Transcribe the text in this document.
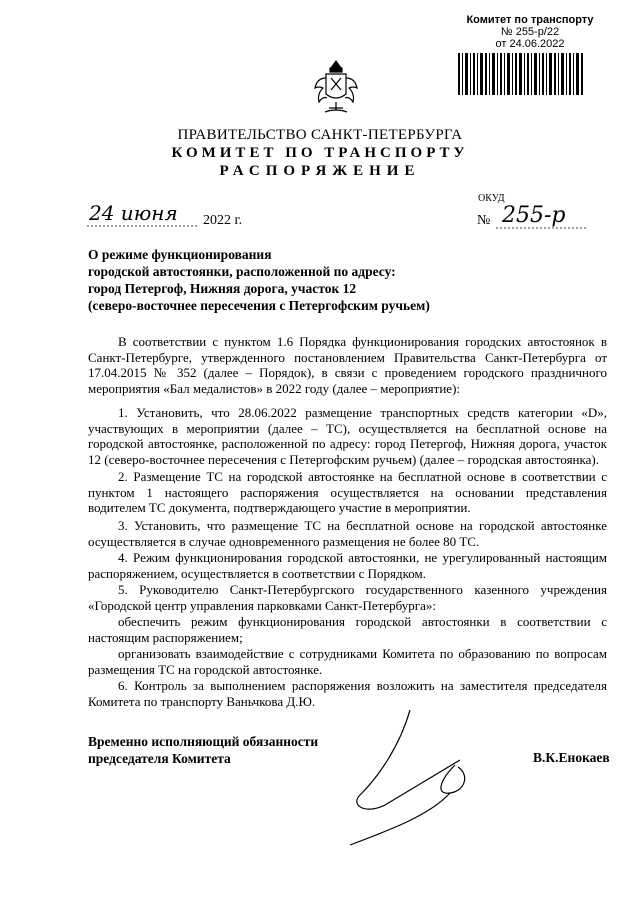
Комитет по транспорту
№ 255-р/22
от 24.06.2022
ПРАВИТЕЛЬСТВО САНКТ-ПЕТЕРБУРГА
КОМИТЕТ ПО ТРАНСПОРТУ
РАСПОРЯЖЕНИЕ
ОКУД
24 июня 2022 г.	№ 255-р
О режиме функционирования
городской автостоянки, расположенной по адресу:
город Петергоф, Нижняя дорога, участок 12
(северо-восточнее пересечения с Петергофским ручьем)
В соответствии с пунктом 1.6 Порядка функционирования городских автостоянок в Санкт-Петербурге, утвержденного постановлением Правительства Санкт-Петербурга от 17.04.2015 № 352 (далее – Порядок), в связи с проведением городского праздничного мероприятия «Бал медалистов» в 2022 году (далее – мероприятие):
1. Установить, что 28.06.2022 размещение транспортных средств категории «D», участвующих в мероприятии (далее – ТС), осуществляется на бесплатной основе на городской автостоянке, расположенной по адресу: город Петергоф, Нижняя дорога, участок 12 (северо-восточнее пересечения с Петергофским ручьем) (далее – городская автостоянка).
2. Размещение ТС на городской автостоянке на бесплатной основе в соответствии с пунктом 1 настоящего распоряжения осуществляется на основании представления водителем ТС документа, подтверждающего участие в мероприятии.
3. Установить, что размещение ТС на бесплатной основе на городской автостоянке осуществляется в случае одновременного размещения не более 80 ТС.
4. Режим функционирования городской автостоянки, не урегулированный настоящим распоряжением, осуществляется в соответствии с Порядком.
5. Руководителю Санкт-Петербургского государственного казенного учреждения «Городской центр управления парковками Санкт-Петербурга»:
обеспечить режим функционирования городской автостоянки в соответствии с настоящим распоряжением;
организовать взаимодействие с сотрудниками Комитета по образованию по вопросам размещения ТС на городской автостоянке.
6. Контроль за выполнением распоряжения возложить на заместителя председателя Комитета по транспорту Ваньчкова Д.Ю.
Временно исполняющий обязанности
председателя Комитета	В.К.Енокаев
